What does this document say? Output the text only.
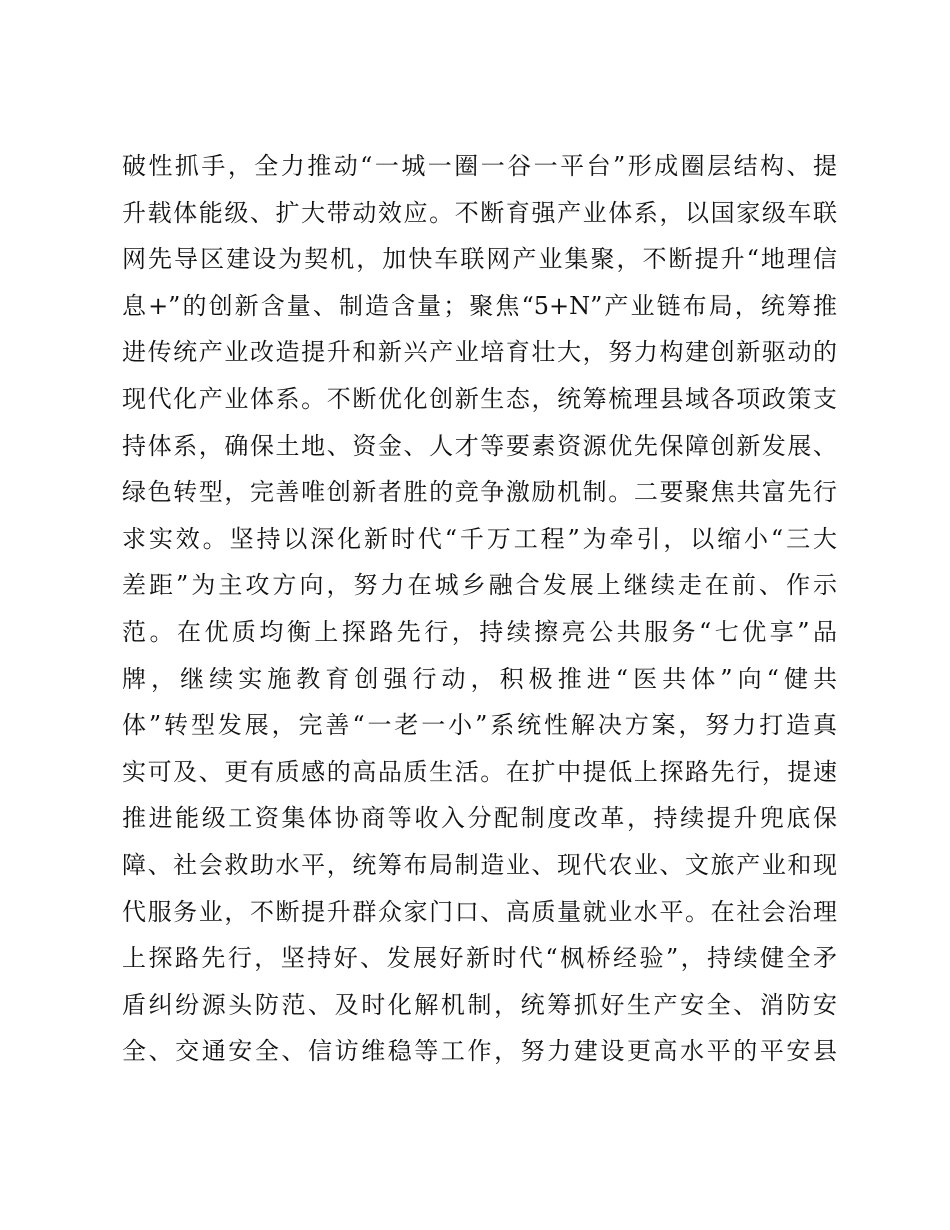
破性抓手，全力推动“一城一圈一谷一平台”形成圈层结构、提
升载体能级、扩大带动效应。不断育强产业体系，以国家级车联
网先导区建设为契机，加快车联网产业集聚，不断提升“地理信
息+”的创新含量、制造含量；聚焦“5+N”产业链布局，统筹推
进传统产业改造提升和新兴产业培育壮大，努力构建创新驱动的
现代化产业体系。不断优化创新生态，统筹梳理县域各项政策支
持体系，确保土地、资金、人才等要素资源优先保障创新发展、
绿色转型，完善唯创新者胜的竞争激励机制。二要聚焦共富先行
求实效。坚持以深化新时代“千万工程”为牵引，以缩小“三大
差距”为主攻方向，努力在城乡融合发展上继续走在前、作示
范。在优质均衡上探路先行，持续擦亮公共服务“七优享”品
牌，继续实施教育创强行动，积极推进“医共体”向“健共
体”转型发展，完善“一老一小”系统性解决方案，努力打造真
实可及、更有质感的高品质生活。在扩中提低上探路先行，提速
推进能级工资集体协商等收入分配制度改革，持续提升兜底保
障、社会救助水平，统筹布局制造业、现代农业、文旅产业和现
代服务业，不断提升群众家门口、高质量就业水平。在社会治理
上探路先行，坚持好、发展好新时代“枫桥经验”，持续健全矛
盾纠纷源头防范、及时化解机制，统筹抓好生产安全、消防安
全、交通安全、信访维稳等工作，努力建设更高水平的平安县
